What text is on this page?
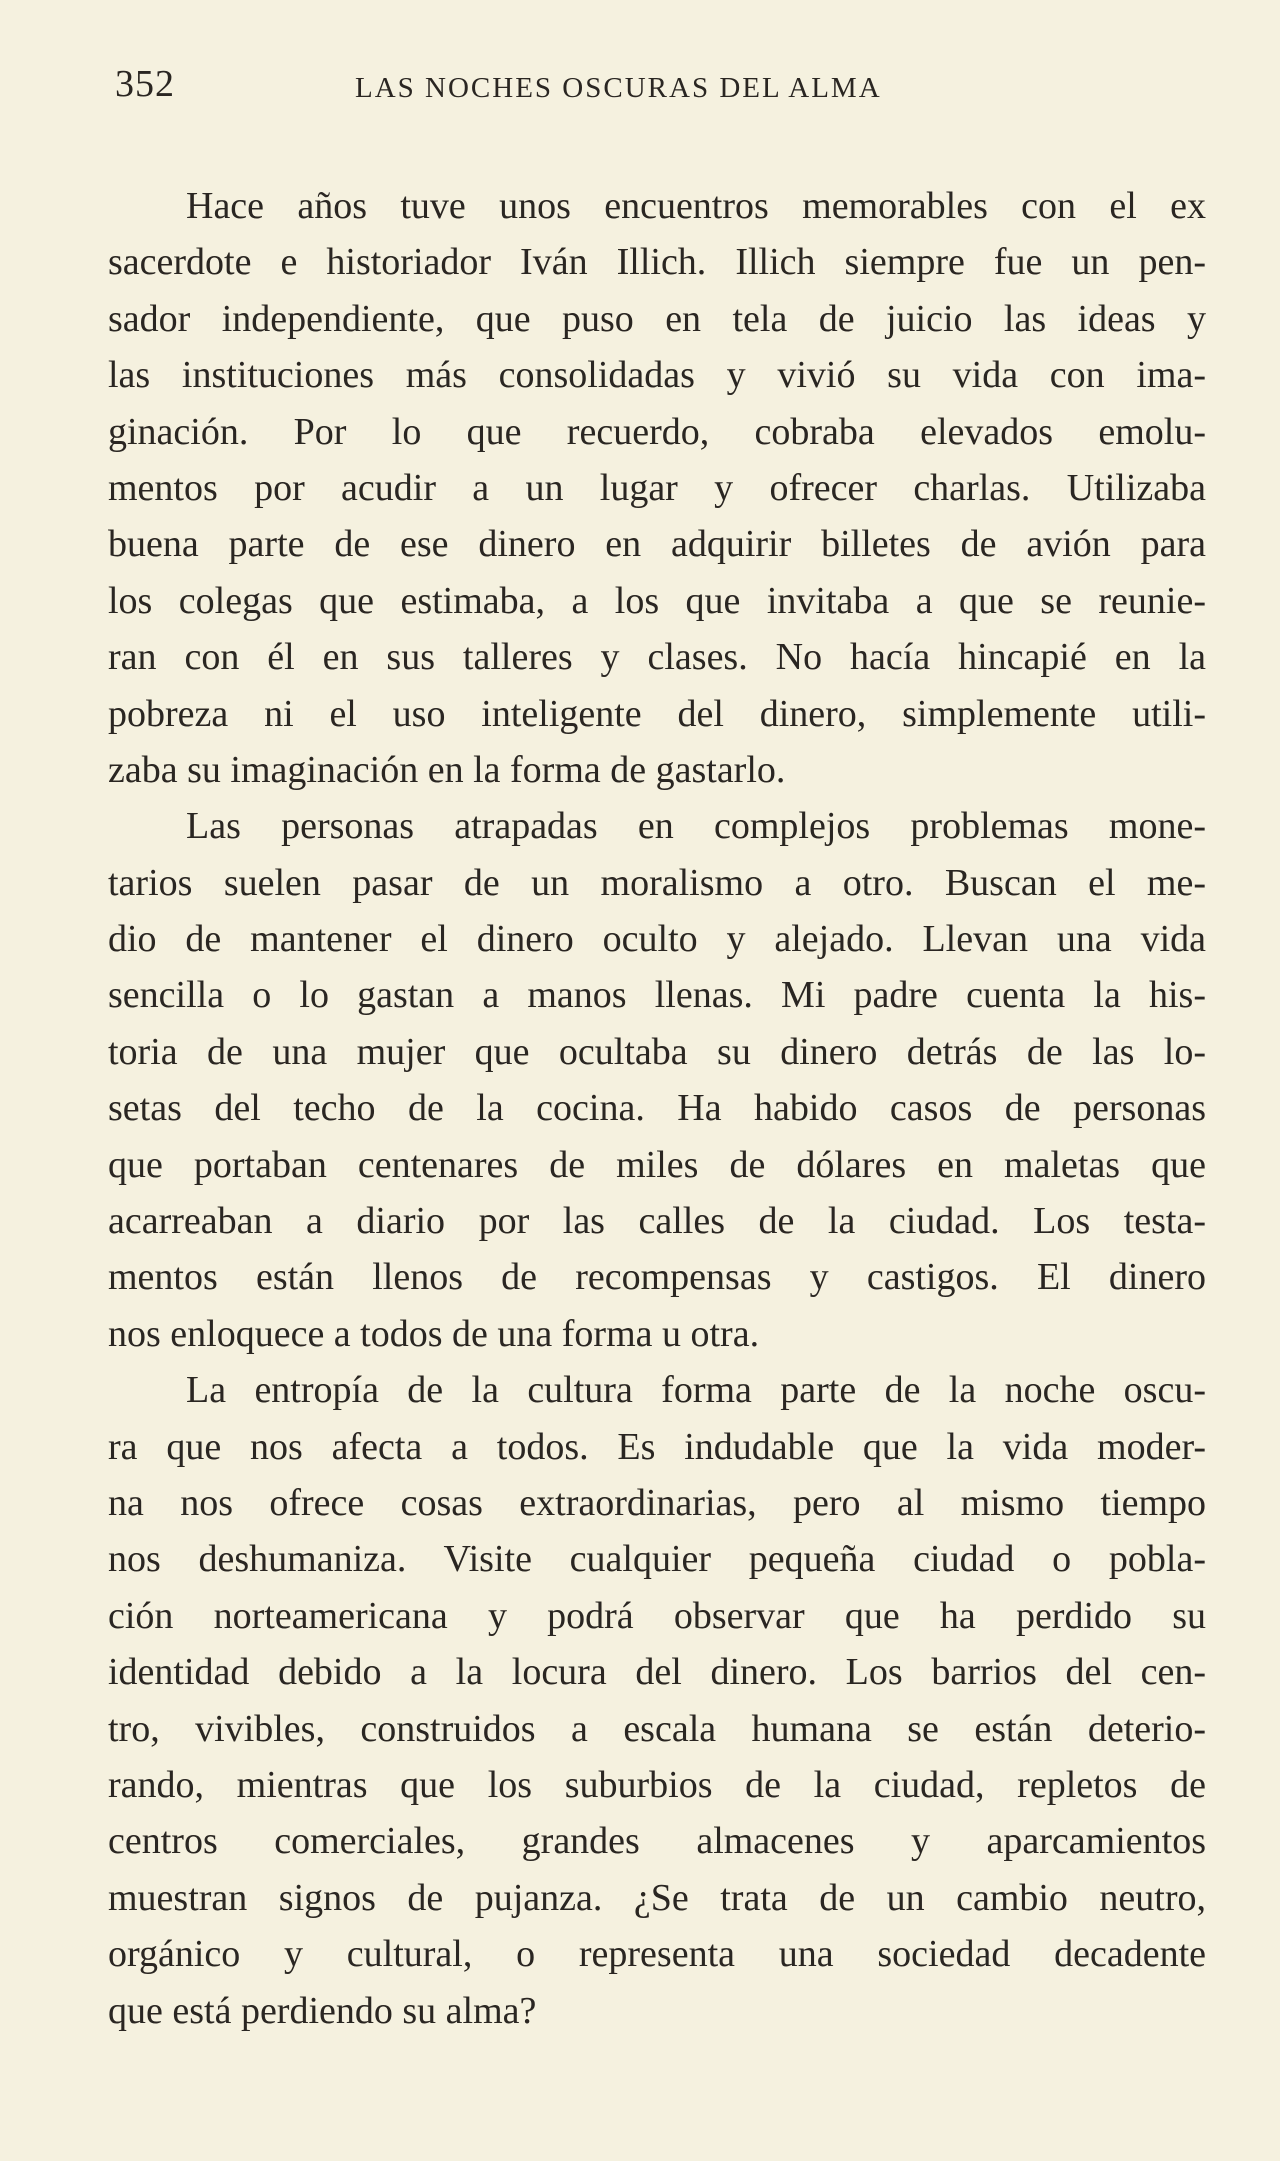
352	LAS NOCHES OSCURAS DEL ALMA
Hace años tuve unos encuentros memorables con el ex
sacerdote e historiador Iván Illich. Illich siempre fue un pen-
sador independiente, que puso en tela de juicio las ideas y
las instituciones más consolidadas y vivió su vida con ima-
ginación. Por lo que recuerdo, cobraba elevados emolu-
mentos por acudir a un lugar y ofrecer charlas. Utilizaba
buena parte de ese dinero en adquirir billetes de avión para
los colegas que estimaba, a los que invitaba a que se reunie-
ran con él en sus talleres y clases. No hacía hincapié en la
pobreza ni el uso inteligente del dinero, simplemente utili-
zaba su imaginación en la forma de gastarlo.
Las personas atrapadas en complejos problemas mone-
tarios suelen pasar de un moralismo a otro. Buscan el me-
dio de mantener el dinero oculto y alejado. Llevan una vida
sencilla o lo gastan a manos llenas. Mi padre cuenta la his-
toria de una mujer que ocultaba su dinero detrás de las lo-
setas del techo de la cocina. Ha habido casos de personas
que portaban centenares de miles de dólares en maletas que
acarreaban a diario por las calles de la ciudad. Los testa-
mentos están llenos de recompensas y castigos. El dinero
nos enloquece a todos de una forma u otra.
La entropía de la cultura forma parte de la noche oscu-
ra que nos afecta a todos. Es indudable que la vida moder-
na nos ofrece cosas extraordinarias, pero al mismo tiempo
nos deshumaniza. Visite cualquier pequeña ciudad o pobla-
ción norteamericana y podrá observar que ha perdido su
identidad debido a la locura del dinero. Los barrios del cen-
tro, vivibles, construidos a escala humana se están deterio-
rando, mientras que los suburbios de la ciudad, repletos de
centros comerciales, grandes almacenes y aparcamientos
muestran signos de pujanza. ¿Se trata de un cambio neutro,
orgánico y cultural, o representa una sociedad decadente
que está perdiendo su alma?
